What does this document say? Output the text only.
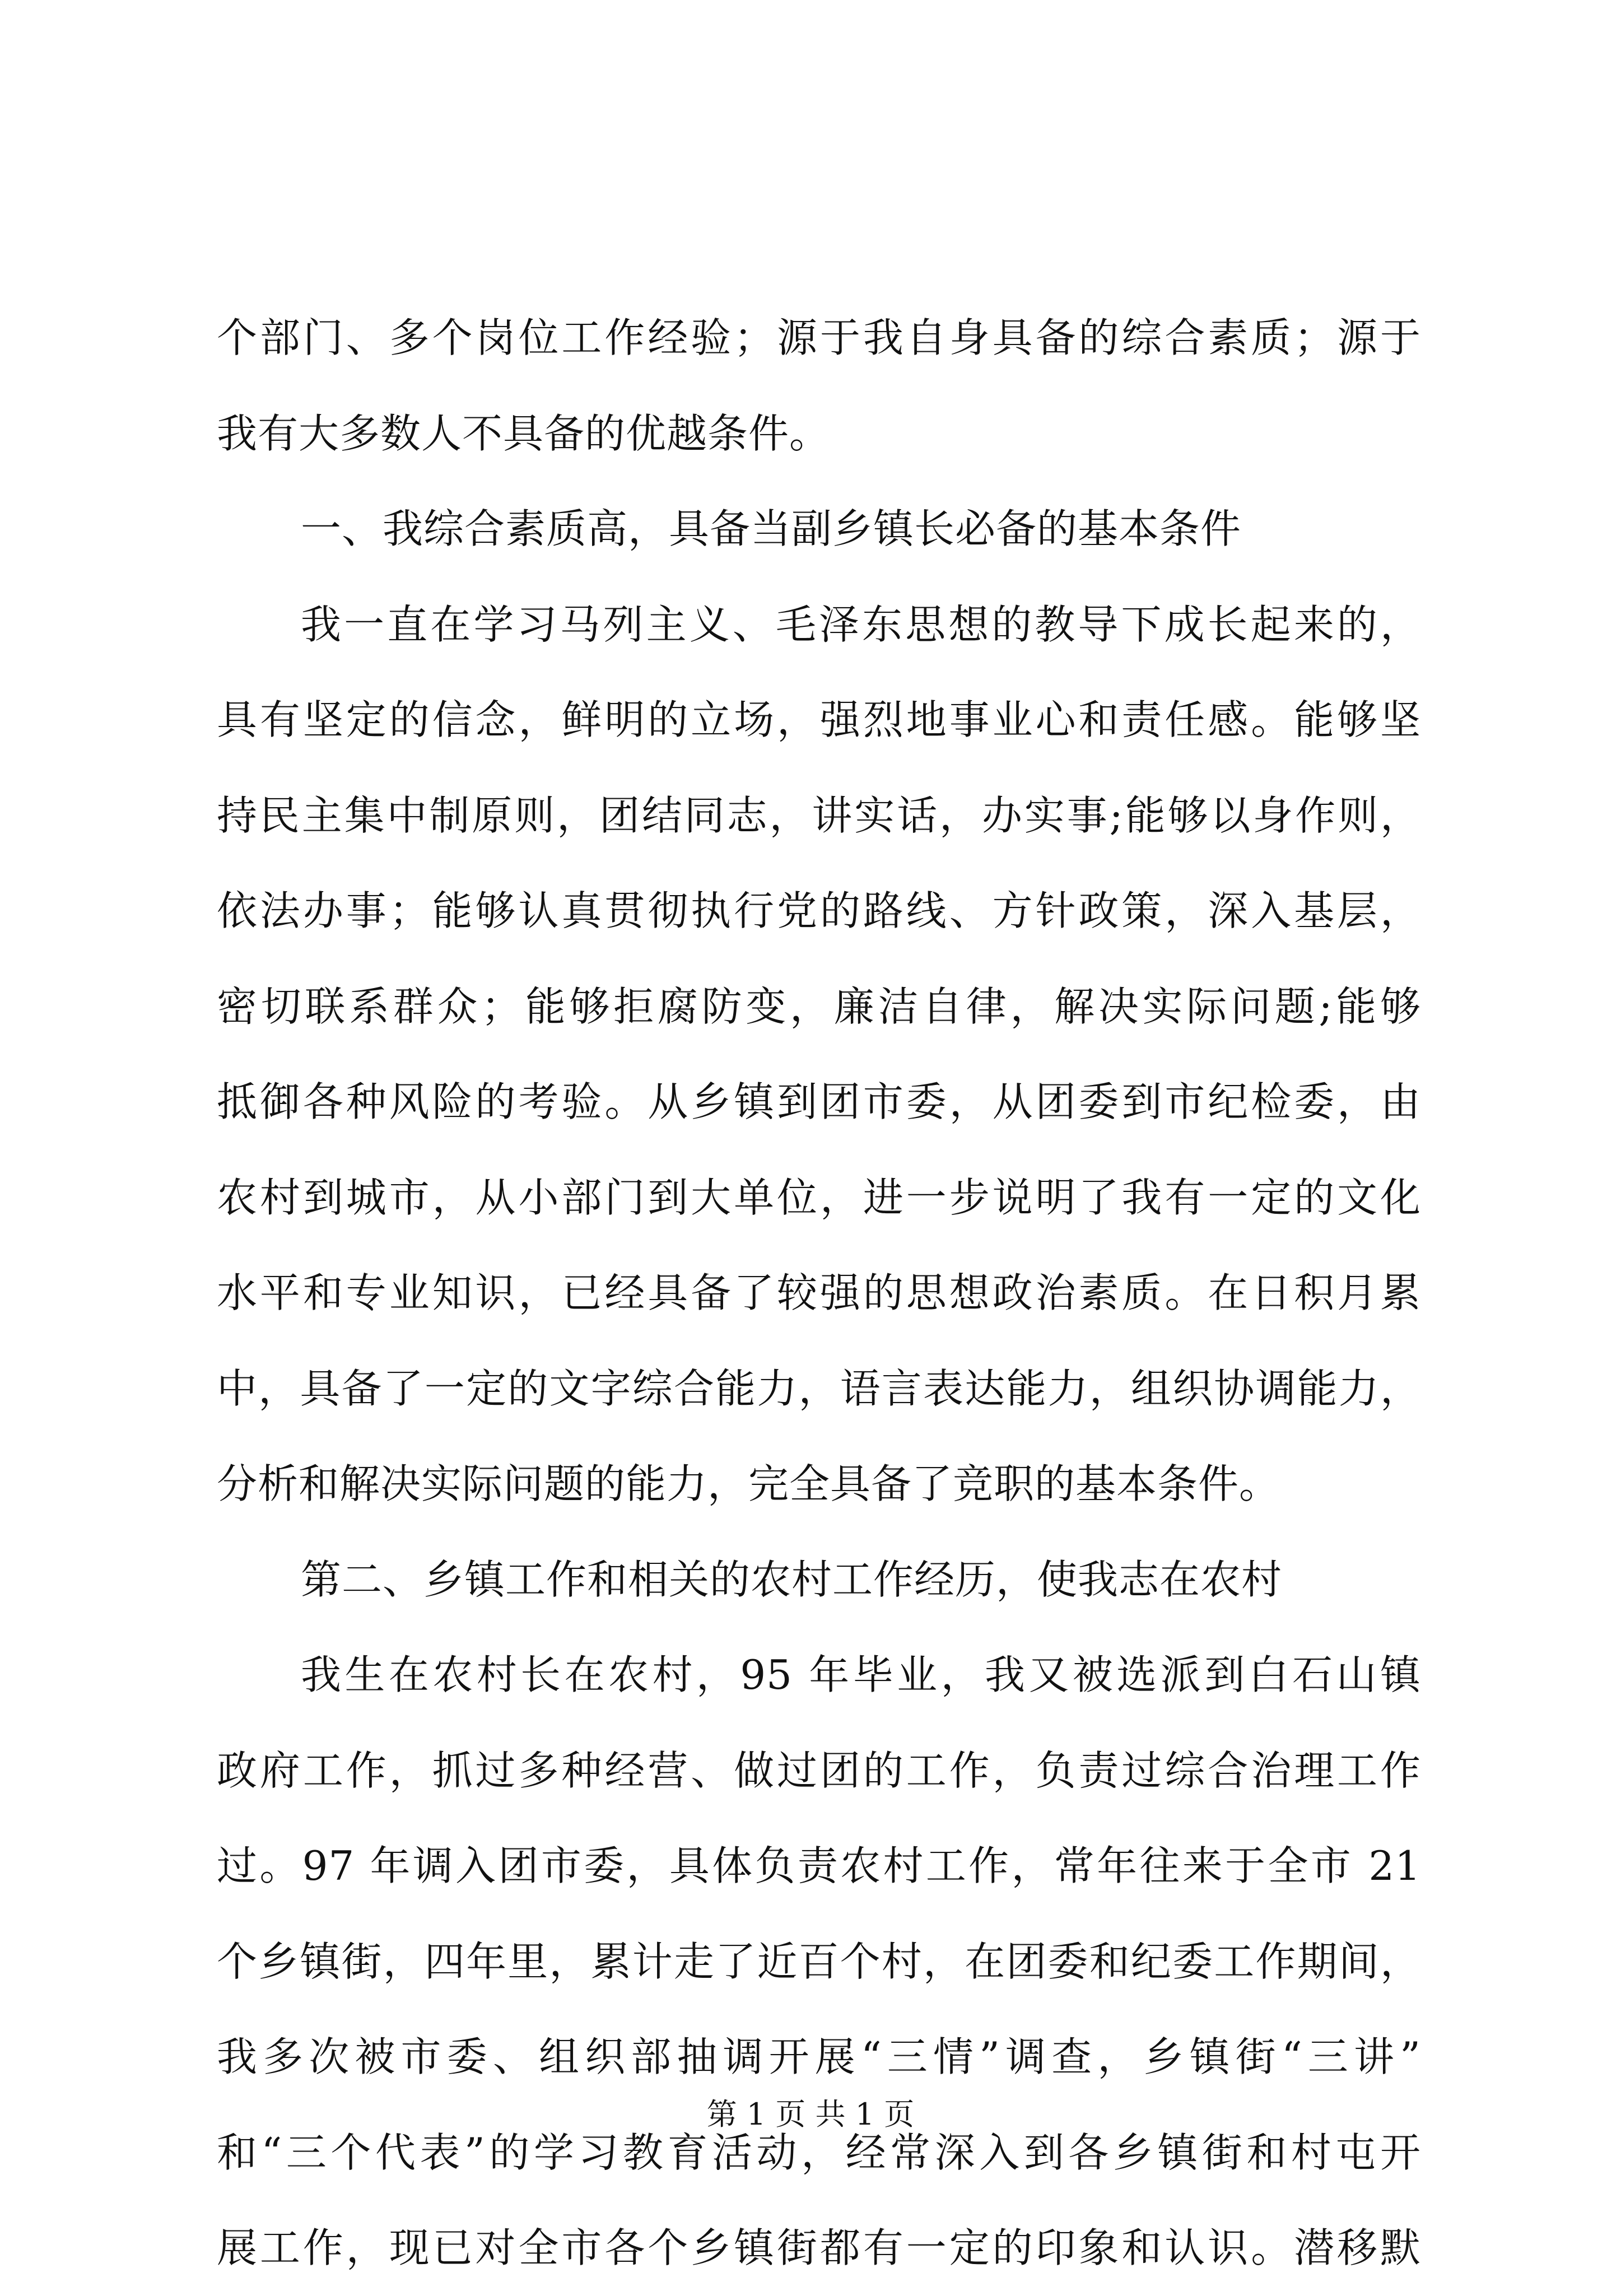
个部门、多个岗位工作经验；源于我自身具备的综合素质；源于
我有大多数人不具备的优越条件。
一、我综合素质高，具备当副乡镇长必备的基本条件
我一直在学习马列主义、毛泽东思想的教导下成长起来的，
具有坚定的信念，鲜明的立场，强烈地事业心和责任感。能够坚
持民主集中制原则，团结同志，讲实话，办实事;能够以身作则，
依法办事；能够认真贯彻执行党的路线、方针政策，深入基层，
密切联系群众；能够拒腐防变，廉洁自律，解决实际问题;能够
抵御各种风险的考验。从乡镇到团市委，从团委到市纪检委，由
农村到城市，从小部门到大单位，进一步说明了我有一定的文化
水平和专业知识，已经具备了较强的思想政治素质。在日积月累
中，具备了一定的文字综合能力，语言表达能力，组织协调能力，
分析和解决实际问题的能力，完全具备了竞职的基本条件。
第二、乡镇工作和相关的农村工作经历，使我志在农村
我生在农村长在农村，95 年毕业，我又被选派到白石山镇
政府工作，抓过多种经营、做过团的工作，负责过综合治理工作
过。97 年调入团市委，具体负责农村工作，常年往来于全市 21
个乡镇街，四年里，累计走了近百个村，在团委和纪委工作期间，
我多次被市委、组织部抽调开展“三情”调查，乡镇街“三讲”
和“三个代表”的学习教育活动，经常深入到各乡镇街和村屯开
展工作，现已对全市各个乡镇街都有一定的印象和认识。潜移默
第 1 页 共 1 页
